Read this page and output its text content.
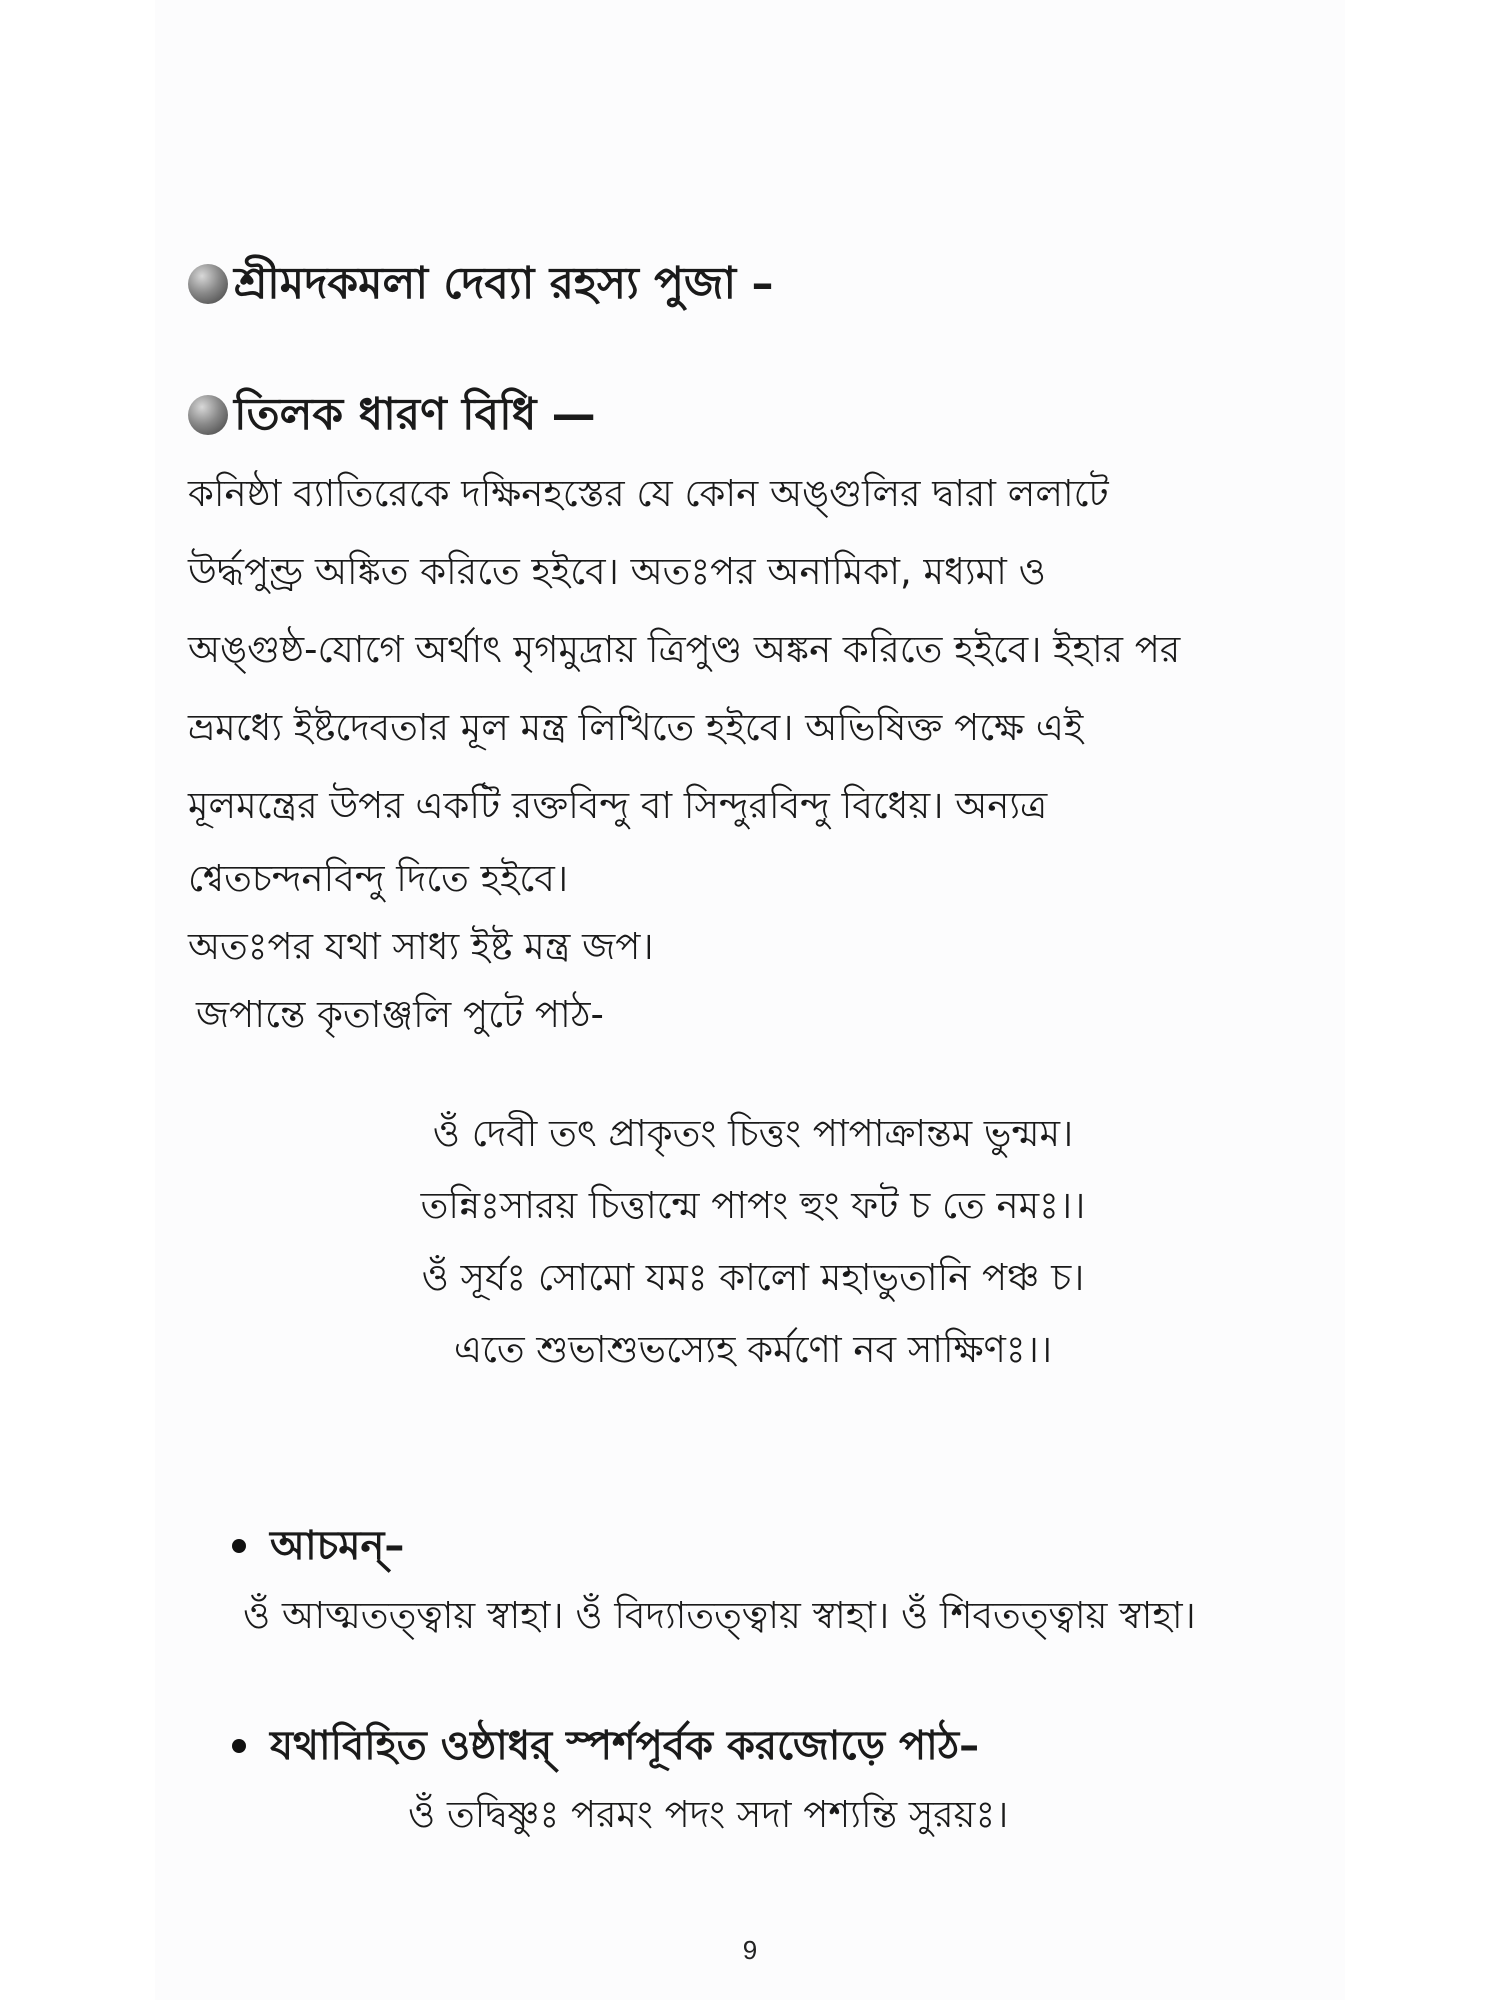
শ্রীমদকমলা দেব্যা রহস্য পুজা –
তিলক ধারণ বিধি —
কনিষ্ঠা ব্যাতিরেকে দক্ষিনহস্তের যে কোন অঙ্গুলির দ্বারা ললাটে
উর্দ্ধপুণ্ড্র অঙ্কিত করিতে হইবে। অতঃপর অনামিকা, মধ্যমা ও
অঙ্গুষ্ঠ-যোগে অর্থাৎ মৃগমুদ্রায় ত্রিপুণ্ড অঙ্কন করিতে হইবে। ইহার পর
ভ্রমধ্যে ইষ্টদেবতার মূল মন্ত্র লিখিতে হইবে। অভিষিক্ত পক্ষে এই
মূলমন্ত্রের উপর একটি রক্তবিন্দু বা সিন্দুরবিন্দু বিধেয়। অন্যত্র
শ্বেতচন্দনবিন্দু দিতে হইবে।
অতঃপর যথা সাধ্য ইষ্ট মন্ত্র জপ।
জপান্তে কৃতাঞ্জলি পুটে পাঠ-
ওঁ দেবী তৎ প্রাকৃতং চিত্তং পাপাক্রান্তম ভুন্মম।
তন্নিঃসারয় চিত্তান্মে পাপং হুং ফট চ তে নমঃ।।
ওঁ সূর্যঃ সোমো যমঃ কালো মহাভুতানি পঞ্চ চ।
এতে শুভাশুভস্যেহ কর্মণো নব সাক্ষিণঃ।।
আচমন্–
ওঁ আত্মতত্ত্বায় স্বাহা। ওঁ বিদ্যাতত্ত্বায় স্বাহা। ওঁ শিবতত্ত্বায় স্বাহা।
যথাবিহিত ওষ্ঠাধর্ স্পর্শপূর্বক করজোড়ে পাঠ–
ওঁ তদ্বিষ্ণুঃ পরমং পদং সদা পশ্যন্তি সুরয়ঃ।
9
